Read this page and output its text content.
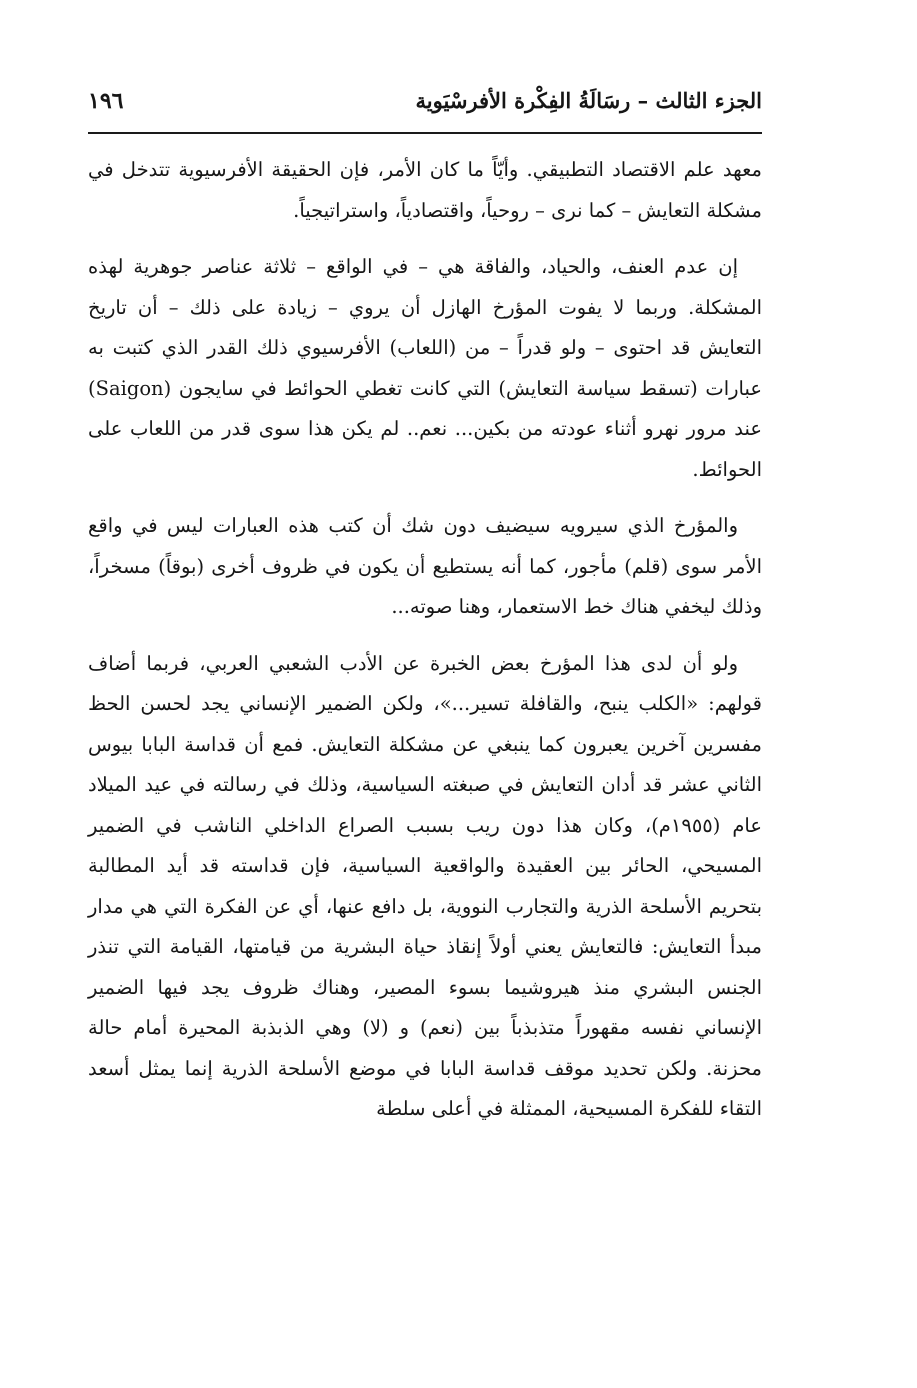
الجزء الثالث – رسَالَةُ الفِكْرة الأفرسْيَوية
١٩٦

معهد علم الاقتصاد التطبيقي. وأيّاً ما كان الأمر، فإن الحقيقة الأفرسيوية تتدخل في مشكلة التعايش – كما نرى – روحياً، واقتصادياً، واستراتيجياً.

إن عدم العنف، والحياد، والفاقة هي – في الواقع – ثلاثة عناصر جوهرية لهذه المشكلة. وربما لا يفوت المؤرخ الهازل أن يروي – زيادة على ذلك – أن تاريخ التعايش قد احتوى – ولو قدراً – من (اللعاب) الأفرسيوي ذلك القدر الذي كتبت به عبارات (تسقط سياسة التعايش) التي كانت تغطي الحوائط في سايجون (Saigon) عند مرور نهرو أثناء عودته من بكين... نعم.. لم يكن هذا سوى قدر من اللعاب على الحوائط.

والمؤرخ الذي سيرويه سيضيف دون شك أن كتب هذه العبارات ليس في واقع الأمر سوى (قلم) مأجور، كما أنه يستطيع أن يكون في ظروف أخرى (بوقاً) مسخراً، وذلك ليخفي هناك خط الاستعمار، وهنا صوته...

ولو أن لدى هذا المؤرخ بعض الخبرة عن الأدب الشعبي العربي، فربما أضاف قولهم: «الكلب ينبح، والقافلة تسير...»، ولكن الضمير الإنساني يجد لحسن الحظ مفسرين آخرين يعبرون كما ينبغي عن مشكلة التعايش. فمع أن قداسة البابا بيوس الثاني عشر قد أدان التعايش في صبغته السياسية، وذلك في رسالته في عيد الميلاد عام (١٩٥٥م)، وكان هذا دون ريب بسبب الصراع الداخلي الناشب في الضمير المسيحي، الحائر بين العقيدة والواقعية السياسية، فإن قداسته قد أيد المطالبة بتحريم الأسلحة الذرية والتجارب النووية، بل دافع عنها، أي عن الفكرة التي هي مدار مبدأ التعايش: فالتعايش يعني أولاً إنقاذ حياة البشرية من قيامتها، القيامة التي تنذر الجنس البشري منذ هيروشيما بسوء المصير، وهناك ظروف يجد فيها الضمير الإنساني نفسه مقهوراً متذبذباً بين (نعم) و (لا) وهي الذبذبة المحيرة أمام حالة محزنة. ولكن تحديد موقف قداسة البابا في موضع الأسلحة الذرية إنما يمثل أسعد التقاء للفكرة المسيحية، الممثلة في أعلى سلطة
